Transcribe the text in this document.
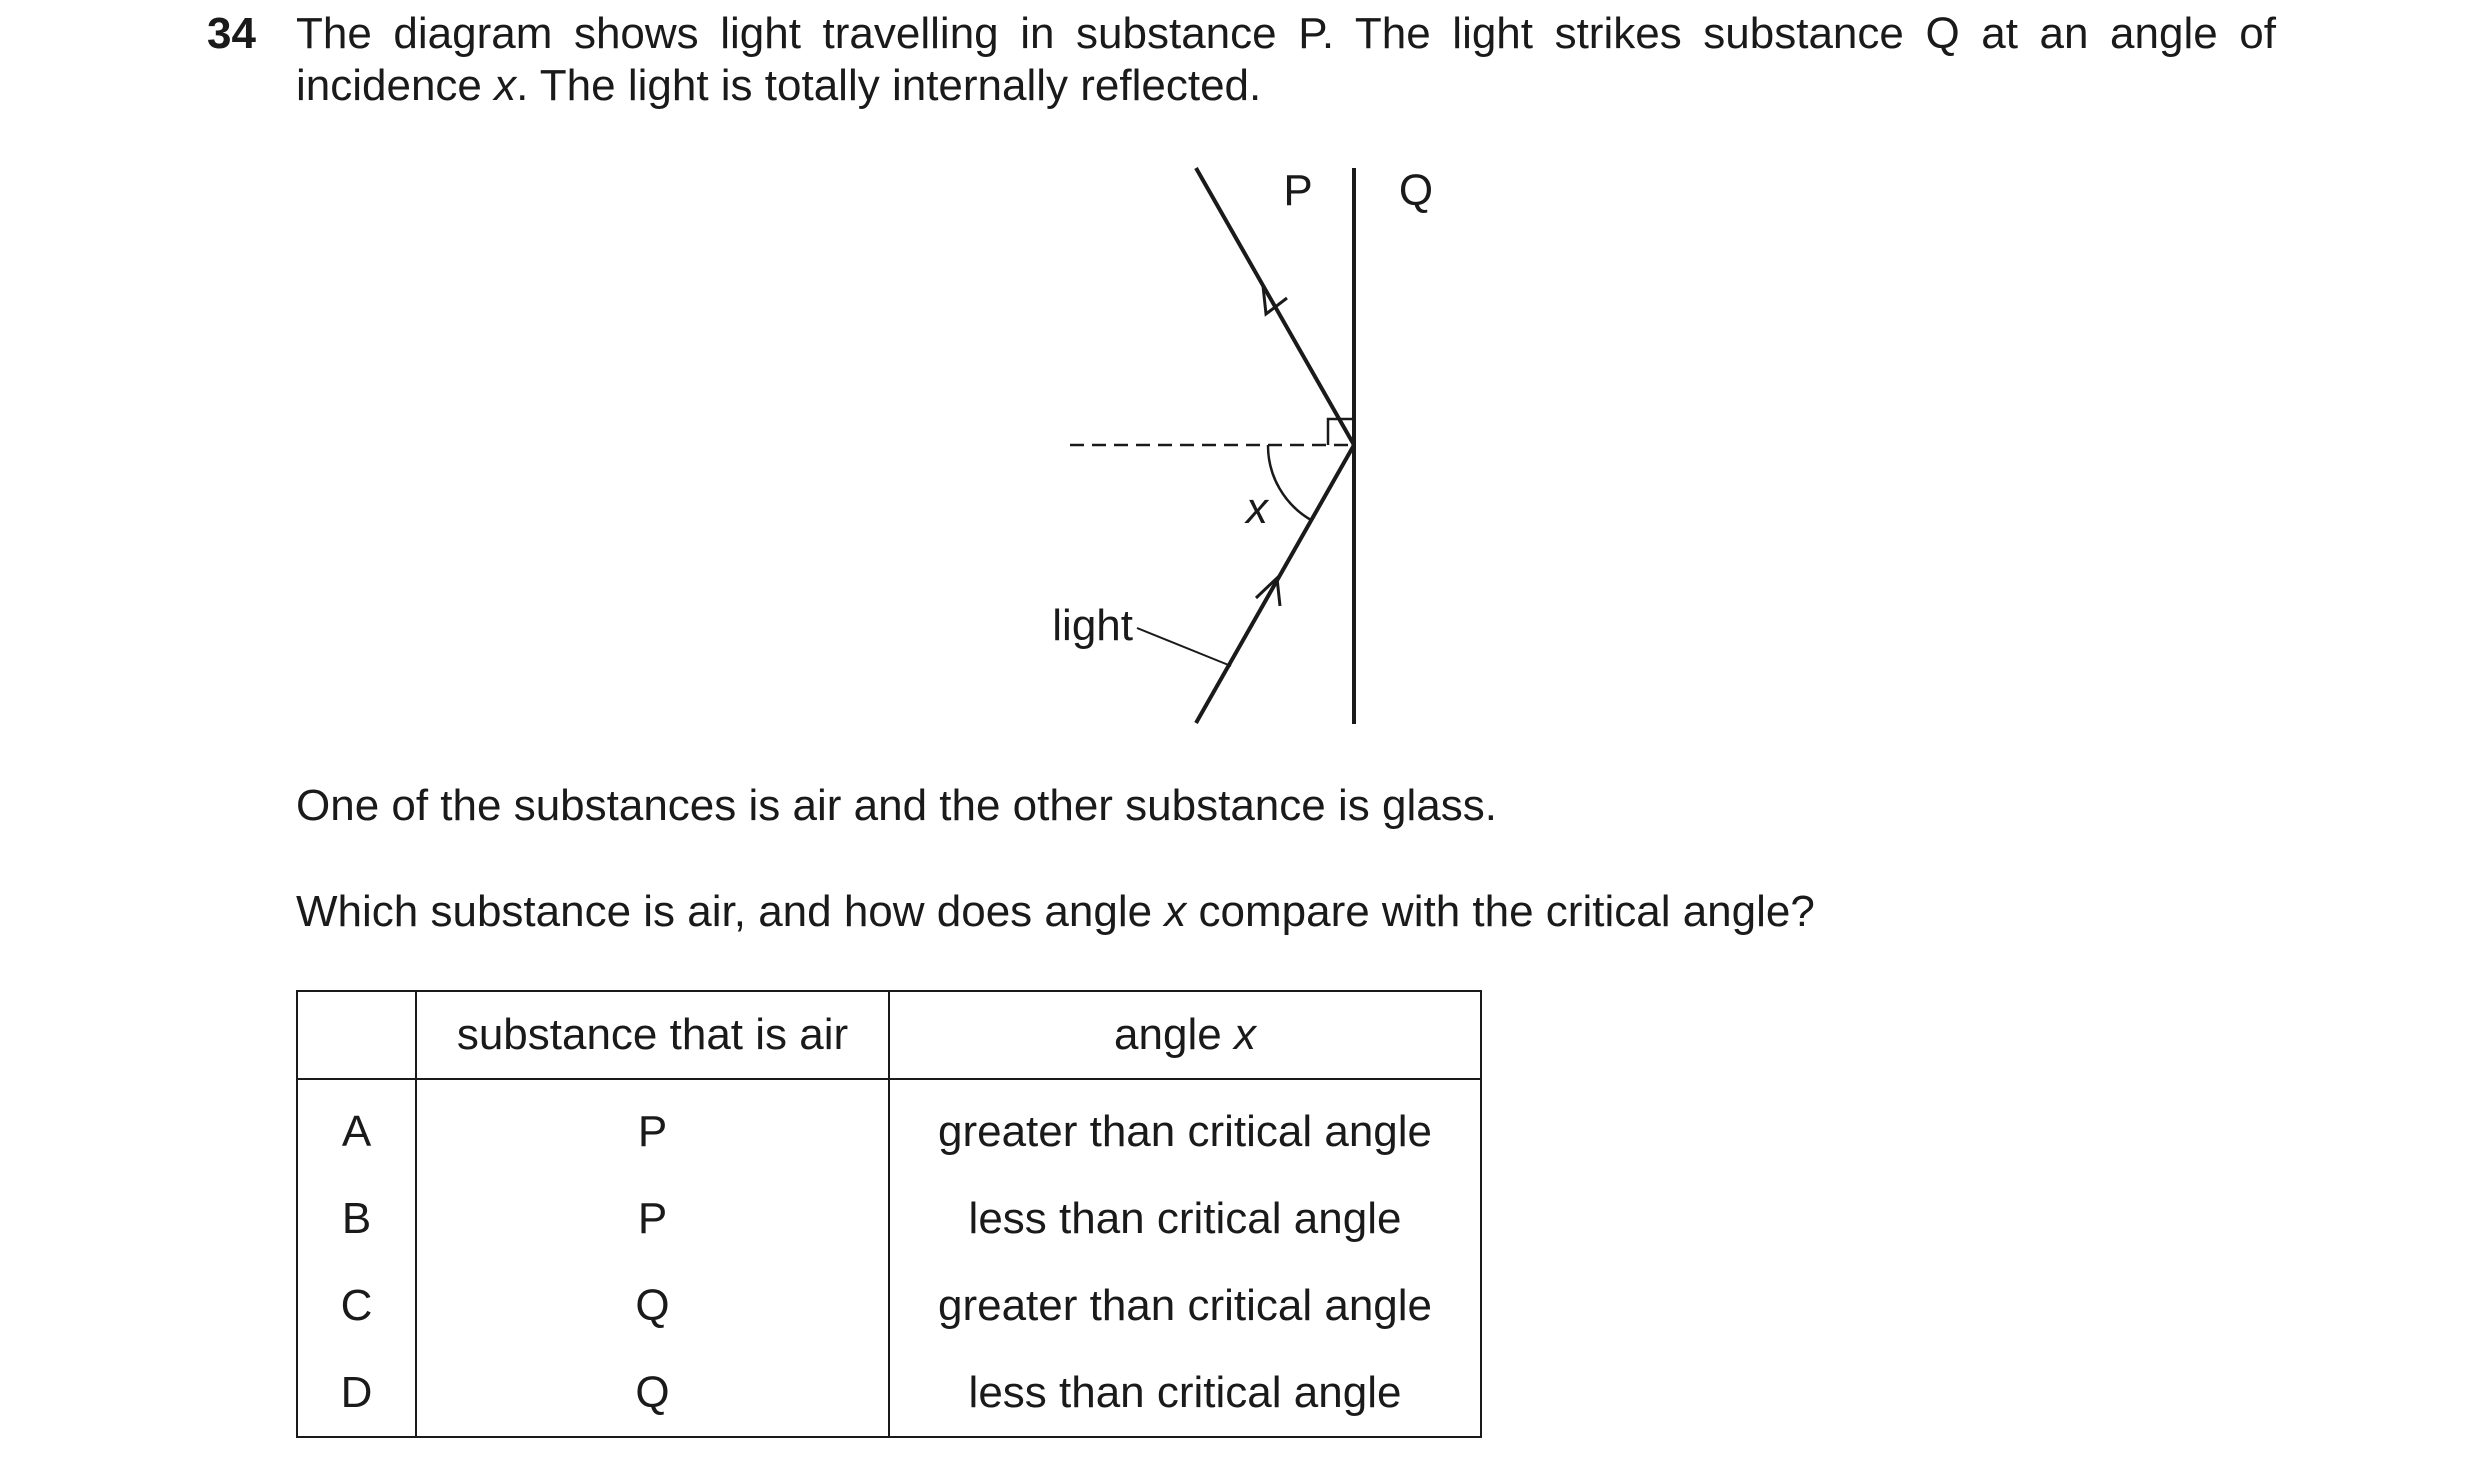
34 The diagram shows light travelling in substance P. The light strikes substance Q at an angle of incidence x. The light is totally internally reflected.
P Q
x
light
One of the substances is air and the other substance is glass.
Which substance is air, and how does angle x compare with the critical angle?
	substance that is air	angle x
A	P	greater than critical angle
B	P	less than critical angle
C	Q	greater than critical angle
D	Q	less than critical angle
